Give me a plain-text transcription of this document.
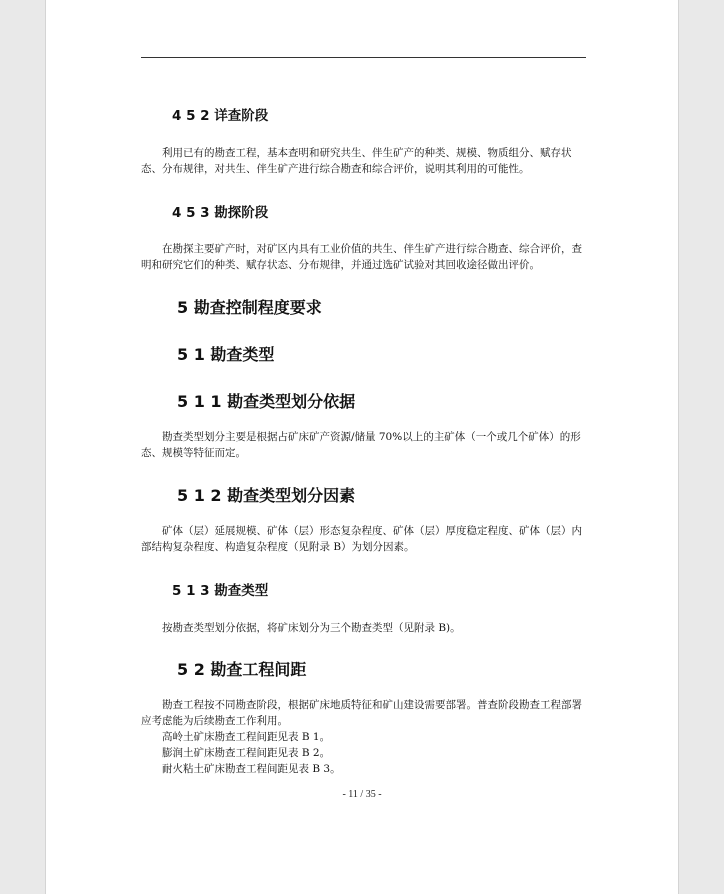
4 5 2 详查阶段

利用已有的勘查工程，基本查明和研究共生、伴生矿产的种类、规模、物质组分、赋存状态、分布规律，对共生、伴生矿产进行综合勘查和综合评价，说明其利用的可能性。

4 5 3 勘探阶段

在勘探主要矿产时，对矿区内具有工业价值的共生、伴生矿产进行综合勘查、综合评价，查明和研究它们的种类、赋存状态、分布规律，并通过选矿试验对其回收途径做出评价。

5 勘查控制程度要求
5 1 勘查类型
5 1 1 勘查类型划分依据

勘查类型划分主要是根据占矿床矿产资源/储量 70%以上的主矿体（一个或几个矿体）的形态、规模等特征而定。

5 1 2 勘查类型划分因素

矿体（层）延展规模、矿体（层）形态复杂程度、矿体（层）厚度稳定程度、矿体（层）内部结构复杂程度、构造复杂程度（见附录 B）为划分因素。

5 1 3 勘查类型

按勘查类型划分依据，将矿床划分为三个勘查类型（见附录 B)。

5 2 勘查工程间距

勘查工程按不同勘查阶段，根据矿床地质特征和矿山建设需要部署。普查阶段勘查工程部署应考虑能为后续勘查工作利用。

高岭土矿床勘查工程间距见表 B 1。

膨润土矿床勘查工程间距见表 B 2。

耐火粘土矿床勘查工程间距见表 B 3。

- 11 / 35 -
